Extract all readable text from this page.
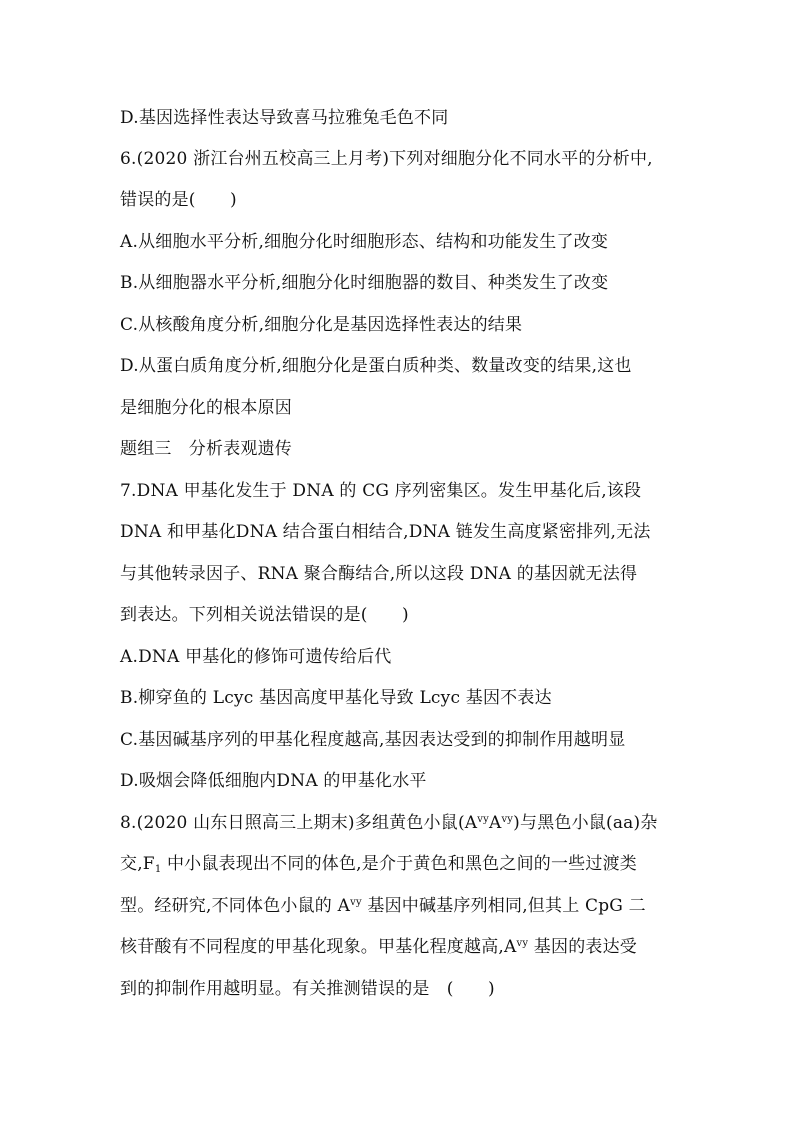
D.基因选择性表达导致喜马拉雅兔毛色不同
6.(2020 浙江台州五校高三上月考)下列对细胞分化不同水平的分析中,
错误的是(　　)
A.从细胞水平分析,细胞分化时细胞形态、结构和功能发生了改变
B.从细胞器水平分析,细胞分化时细胞器的数目、种类发生了改变
C.从核酸角度分析,细胞分化是基因选择性表达的结果
D.从蛋白质角度分析,细胞分化是蛋白质种类、数量改变的结果,这也
是细胞分化的根本原因
题组三　分析表观遗传
7.DNA 甲基化发生于 DNA 的 CG 序列密集区。发生甲基化后,该段
DNA 和甲基化DNA 结合蛋白相结合,DNA 链发生高度紧密排列,无法
与其他转录因子、RNA 聚合酶结合,所以这段 DNA 的基因就无法得
到表达。下列相关说法错误的是(　　)
A.DNA 甲基化的修饰可遗传给后代
B.柳穿鱼的 Lcyc 基因高度甲基化导致 Lcyc 基因不表达
C.基因碱基序列的甲基化程度越高,基因表达受到的抑制作用越明显
D.吸烟会降低细胞内DNA 的甲基化水平
8.(2020 山东日照高三上期末)多组黄色小鼠$(A^{vy}A^{vy})$与黑色小鼠(aa)杂
交$,F_1$ 中小鼠表现出不同的体色,是介于黄色和黑色之间的一些过渡类
型。经研究,不同体色小鼠的 $A^{vy}$ 基因中碱基序列相同,但其上 CpG 二
核苷酸有不同程度的甲基化现象。甲基化程度越高$,A^{vy}$ 基因的表达受
到的抑制作用越明显。有关推测错误的是　(　　)
